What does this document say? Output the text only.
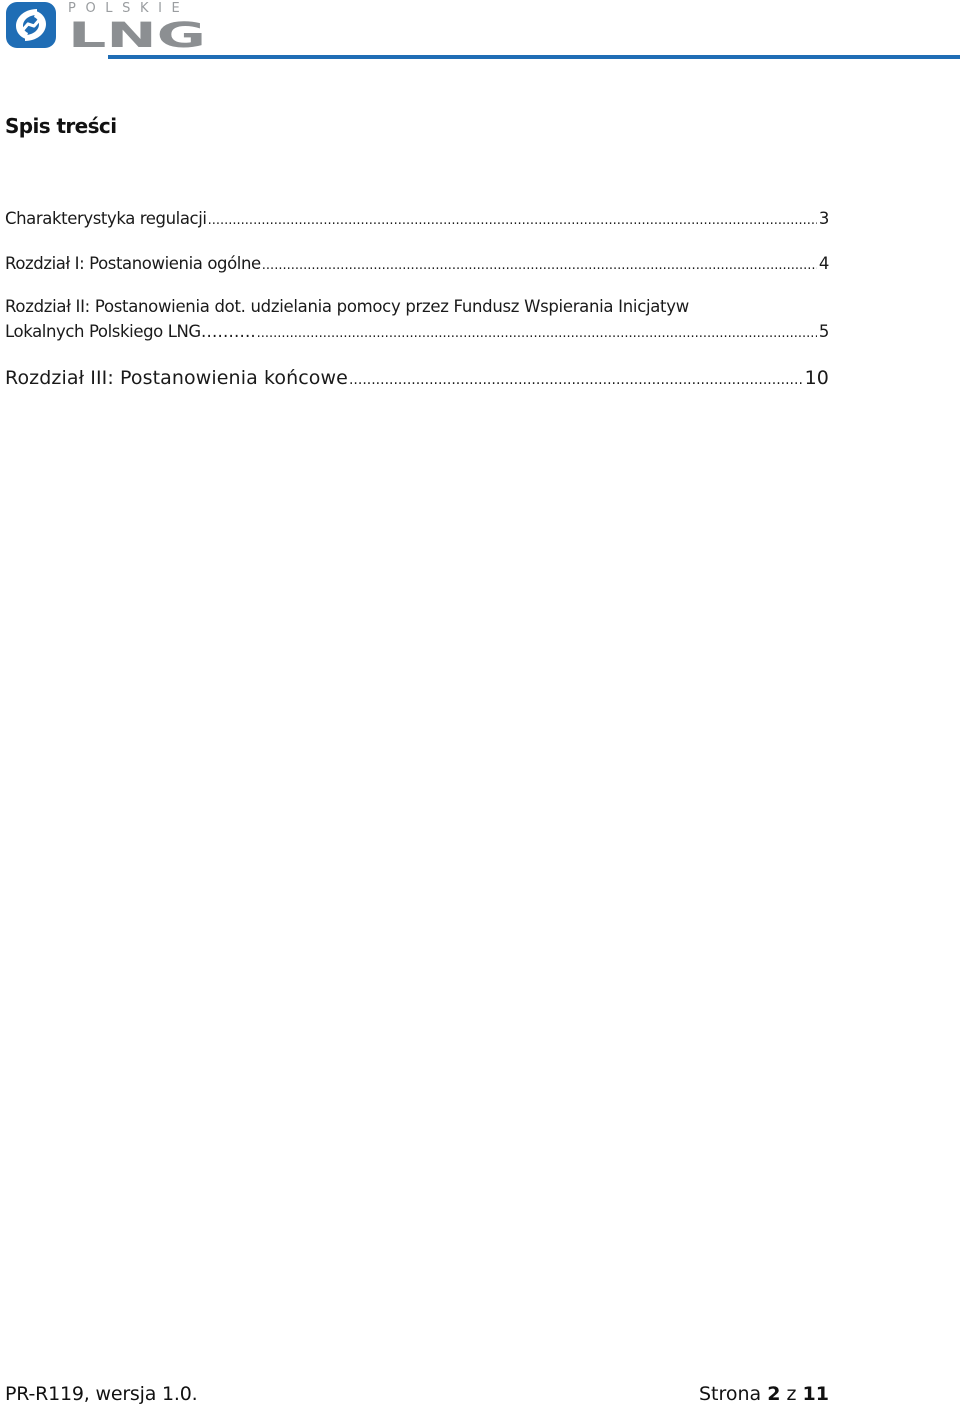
POLSKIE
LNG
Spis treści
Charakterystyka regulacji .....	3
Rozdział I: Postanowienia ogólne .....	4
Rozdział II: Postanowienia dot. udzielania pomocy przez Fundusz Wspierania Inicjatyw
Lokalnych Polskiego LNG ………. .....	5
Rozdział III: Postanowienia końcowe .....	10
PR-R119, wersja 1.0.	Strona 2 z 11
